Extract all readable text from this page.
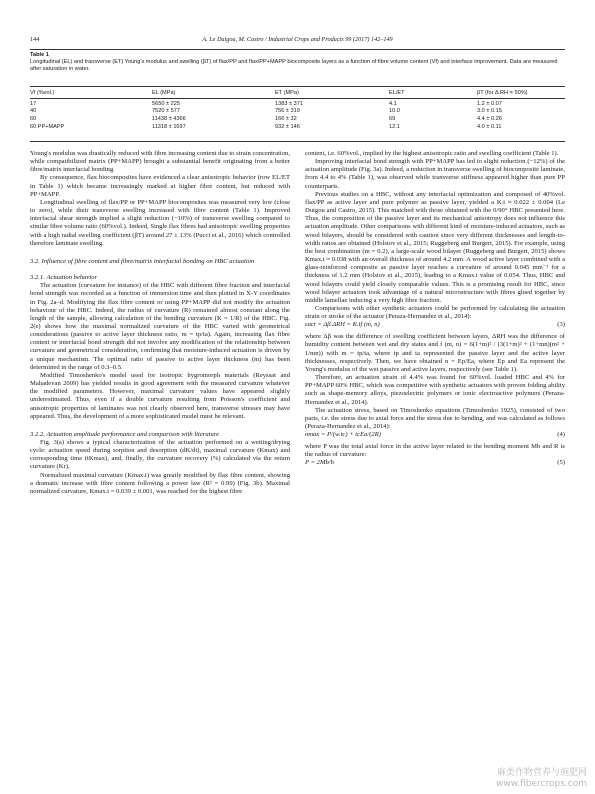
144	A. Le Duigou, M. Castro / Industrial Crops and Products 99 (2017) 142–149
Table 1
Longitudinal (EL) and transverse (ET) Young's modulus and swelling (βT) of flax/PP and flax/PP+MAPP biocomposite layers as a function of fibre volume content (Vf) and interface improvement. Data are measured after saturation in water.
Vf (%vol.)	EL (MPa)	ET (MPa)	EL/ET	βT (for Δ RH = 50%)

17	5650 ± 225	1383 ± 371	4.1	1.2 ± 0.07
40	7520 ± 577	756 ± 319	10.0	3.0 ± 0.15
60	11438 ± 4366	166 ± 32	69	4.4 ± 0.26
60 PP+MAPP	11318 ± 1697	932 ± 146	12.1	4.0 ± 0.11

Young's modulus was drastically reduced with fibre increasing content due to strain concentration, while compatibilized matrix (PP+MAPP) brought a substantial benefit originating from a better fibre/matrix interfacial bonding.

By consequence, flax biocomposites have evidenced a clear anisotropic behavior (row EL/ET in Table 1) which became increasingly marked at higher fibre content, but reduced with PP+MAPP.

Longitudinal swelling of flax/PP or PP+MAPP biocomposites was measured very low (close to zero), while their transverse swelling increased with fibre content (Table 1). Improved interfacial shear strength implied a slight reduction (−10%) of transverse swelling compared to similar fibre volume ratio (60%vol.). Indeed, Single flax fibres had anisotropic swelling properties with a high radial swelling coefficient (βT) around 27 ± 13% (Pucci et al., 2016) which controlled therefore laminate swelling.

3.2. Influence of fibre content and fibre/matrix interfacial bonding on HBC actuation

3.2.1. Actuation behavior

The actuation (curvature for instance) of the HBC with different fibre fraction and interfacial bond strength was recorded as a function of immersion time and then plotted in X-Y coordinates in Fig. 2a–d. Modifying the flax fibre content or using PP+MAPP did not modify the actuation behaviour of the HBC. Indeed, the radius of curvature (R) remained almost constant along the length of the sample, allowing calculation of the bending curvature (K = 1/R) of the HBC. Fig. 2(e) shows how the maximal normalized curvature of the HBC varied with geometrical considerations (passive to active layer thickness ratio, m = tp/ta). Again, increasing flax fibre content or interfacial bond strength did not involve any modification of the relationship between curvature and geometrical consideration, confirming that moisture-induced actuation is driven by a unique mechanism. The optimal ratio of passive to active layer thickness (m) has been determined in the range of 0.3–0.5.

Modified Timoshenko's model used for isotropic hygromorph materials (Reyssat and Mahadevan 2009) has yielded results in good agreement with the measured curvature whatever the modified parameters. However, maximal curvature values have appeared slightly underestimated. Thus, even if a double curvature resulting from Poisson's coefficient and anisotropic properties of laminates was not clearly observed here, transverse stresses may have appeared. Thus, the development of a more sophisticated model must be relevant.

3.2.2. Actuation amplitude performance and comparison with literature

Fig. 3(a) shows a typical characterization of the actuation performed on a wetting/drying cycle: actuation speed during sorption and desorption (dK/dt), maximal curvature (Kmax) and corresponding time (tKmax), and, finally, the curvature recovery (%) calculated via the return curvature (Kr).

Normalized maximal curvature (Kmax.t) was greatly modified by flax fibre content, showing a dramatic increase with fibre content following a power law (R² = 0.99) (Fig. 3b). Maximal normalized curvature, Kmax.t = 0.039 ± 0.001, was reached for the highest fibre

content, i.e. 60%vol., implied by the highest anisotropic ratio and swelling coefficient (Table 1).

Improving interfacial bond strength with PP+MAPP has led to slight reduction (−12%) of the actuation amplitude (Fig. 3a). Indeed, a reduction in transverse swelling of biocomposite laminate, from 4.4 to 4% (Table 1), was observed while transverse stiffness appeared higher than pure PP counterparts.

Previous studies on a HBC, without any interfacial optimization and composed of 40%vol. flax/PP as active layer and pure polymer as passive layer, yielded a K.t ≈ 0.022 ± 0.004 (Le Duigou and Castro, 2015). This matched with those obtained with the 0/90° HBC presented here. Thus, the composition of the passive layer and its mechanical anisotropy does not influence this actuation amplitude. Other comparisons with different kind of moisture-induced actuators, such as wood bilayers, should be considered with caution since very different thicknesses and length-to-width ratios are obtained (Holstov et al., 2015; Ruggeberg and Burgert, 2015). For example, using the best combination (m = 0.2), a large-scale wood bilayer (Ruggeberg and Burgert, 2015) shows Kmax.t ≈ 0.038 with an overall thickness of around 4.2 mm. A wood active layer combined with a glass-reinforced composite as passive layer reaches a curvature of around 0.045 mm⁻¹ for a thickness of 1.2 mm (Holstov et al., 2015), leading to a Kmax.t value of 0.054. Thus, HBC and wood bilayers could yield closely comparable values. This is a promising result for HBC, since wood bilayer actuators took advantage of a natural microstructure with fibres glued together by middle lamellae inducing a very high fibre fraction.

Comparisons with other synthetic actuators could be performed by calculating the actuation strain or stroke of the actuator (Peraza-Hernandez et al., 2014):

εact = Δβ.ΔRH = K.tf (m, n)	(3)

where Δβ was the difference of swelling coefficient between layers, ΔRH was the difference of humidity content between wet and dry states and f (m, n) = 6(1+m)² / (3(1+m)² + (1+mn)(m² + 1/mn)) with m = tp/ta, where tp and ta represented the passive layer and the active layer thicknesses, respectively. Then, we have obtained n = Ep/Ea, where Ep and Ea represent the Young's modulus of the wet passive and active layers, respectively (see Table 1).

Therefore, an actuation strain of 4.4% was found for 60%vol. loaded HBC and 4% for PP+MAPP 60% HBC, which was competitive with synthetic actuators with proven folding ability such as shape-memory alloys, piezoelectric polymers or ionic electroactive polymers (Peraza-Hernandez et al., 2014).

The actuation stress, based on Timoshenko equations (Timoshenko 1925), consisted of two parts, i.e. the stress due to axial force and the stress due to bending, and was calculated as follows (Peraza-Hernandez et al., 2014):

σmax = P/(w.tc) + tcEa/(2R)	(4)

where P was the total axial force in the active layer related to the bending moment Mb and R is the radius of curvature:

P = 2Mb/h	(5)
麻类作物营养与施肥网
www.fibercrops.com
